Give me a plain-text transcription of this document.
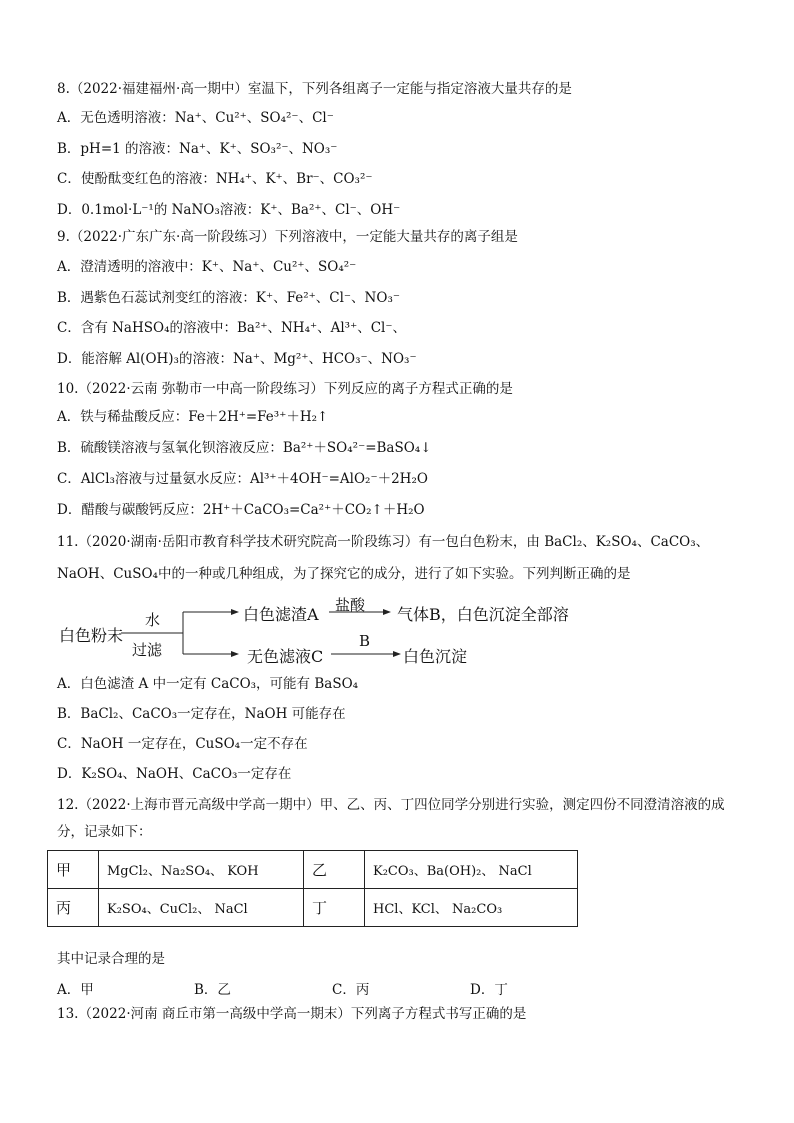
8.（2022·福建福州·高一期中）室温下，下列各组离子一定能与指定溶液大量共存的是
A．无色透明溶液：Na⁺、Cu²⁺、SO₄²⁻、Cl⁻
B．pH=1 的溶液：Na⁺、K⁺、SO₃²⁻、NO₃⁻
C．使酚酞变红色的溶液：NH₄⁺、K⁺、Br⁻、CO₃²⁻
D．0.1mol·L⁻¹的 NaNO₃溶液：K⁺、Ba²⁺、Cl⁻、OH⁻
9.（2022·广东广东·高一阶段练习）下列溶液中，一定能大量共存的离子组是
A．澄清透明的溶液中：K⁺、Na⁺、Cu²⁺、SO₄²⁻
B．遇紫色石蕊试剂变红的溶液：K⁺、Fe²⁺、Cl⁻、NO₃⁻
C．含有 NaHSO₄的溶液中：Ba²⁺、NH₄⁺、Al³⁺、Cl⁻、
D．能溶解 Al(OH)₃的溶液：Na⁺、Mg²⁺、HCO₃⁻、NO₃⁻
10.（2022·云南 弥勒市一中高一阶段练习）下列反应的离子方程式正确的是
A．铁与稀盐酸反应：Fe＋2H⁺=Fe³⁺＋H₂↑
B．硫酸镁溶液与氢氧化钡溶液反应：Ba²⁺＋SO₄²⁻=BaSO₄↓
C．AlCl₃溶液与过量氨水反应：Al³⁺＋4OH⁻=AlO₂⁻＋2H₂O
D．醋酸与碳酸钙反应：2H⁺＋CaCO₃=Ca²⁺＋CO₂↑＋H₂O
11.（2020·湖南·岳阳市教育科学技术研究院高一阶段练习）有一包白色粉末，由 BaCl₂、K₂SO₄、CaCO₃、
NaOH、CuSO₄中的一种或几种组成，为了探究它的成分，进行了如下实验。下列判断正确的是
白色粉末
水
过滤
白色滤渣A 盐酸 气体B，白色沉淀全部溶
无色滤液C
B
白色沉淀
A．白色滤渣 A 中一定有 CaCO₃，可能有 BaSO₄
B．BaCl₂、CaCO₃一定存在，NaOH 可能存在
C．NaOH 一定存在，CuSO₄一定不存在
D．K₂SO₄、NaOH、CaCO₃一定存在
12.（2022·上海市晋元高级中学高一期中）甲、乙、丙、丁四位同学分别进行实验，测定四份不同澄清溶液的成
分，记录如下：
甲	MgCl₂、Na₂SO₄、 KOH	乙	K₂CO₃、Ba(OH)₂、 NaCl
丙	K₂SO₄、CuCl₂、 NaCl	丁	HCl、KCl、 Na₂CO₃
其中记录合理的是
A．甲	B．乙	C．丙	D．丁
13.（2022·河南 商丘市第一高级中学高一期末）下列离子方程式书写正确的是
